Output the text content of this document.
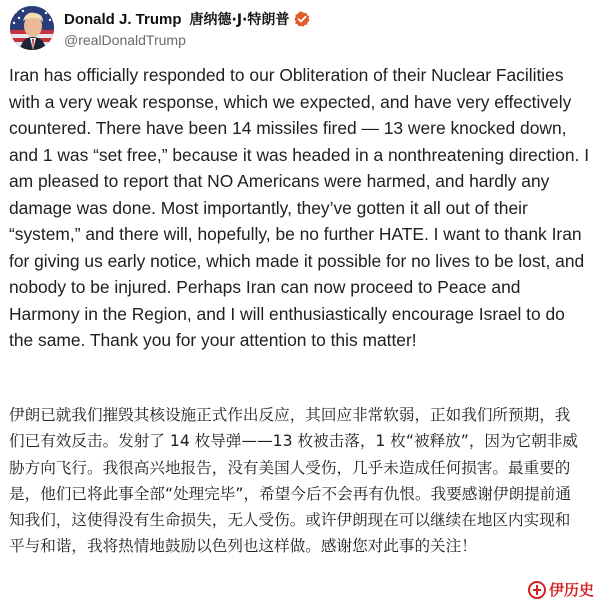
Donald J. Trump 唐纳德·J·特朗普
@realDonaldTrump

Iran has officially responded to our Obliteration of their Nuclear Facilities with a very weak response, which we expected, and have very effectively countered. There have been 14 missiles fired — 13 were knocked down, and 1 was “set free,” because it was headed in a nonthreatening direction. I am pleased to report that NO Americans were harmed, and hardly any damage was done. Most importantly, they’ve gotten it all out of their “system,” and there will, hopefully, be no further HATE. I want to thank Iran for giving us early notice, which made it possible for no lives to be lost, and nobody to be injured. Perhaps Iran can now proceed to Peace and Harmony in the Region, and I will enthusiastically encourage Israel to do the same. Thank you for your attention to this matter!

伊朗已就我们摧毁其核设施正式作出反应，其回应非常软弱，正如我们所预期，我们已有效反击。发射了 14 枚导弹——13 枚被击落，1 枚“被释放”，因为它朝非威胁方向飞行。我很高兴地报告，没有美国人受伤，几乎未造成任何损害。最重要的是，他们已将此事全部“处理完毕”，希望今后不会再有仇恨。我要感谢伊朗提前通知我们，这使得没有生命损失，无人受伤。或许伊朗现在可以继续在地区内实现和平与和谐，我将热情地鼓励以色列也这样做。感谢您对此事的关注！

伊历史
